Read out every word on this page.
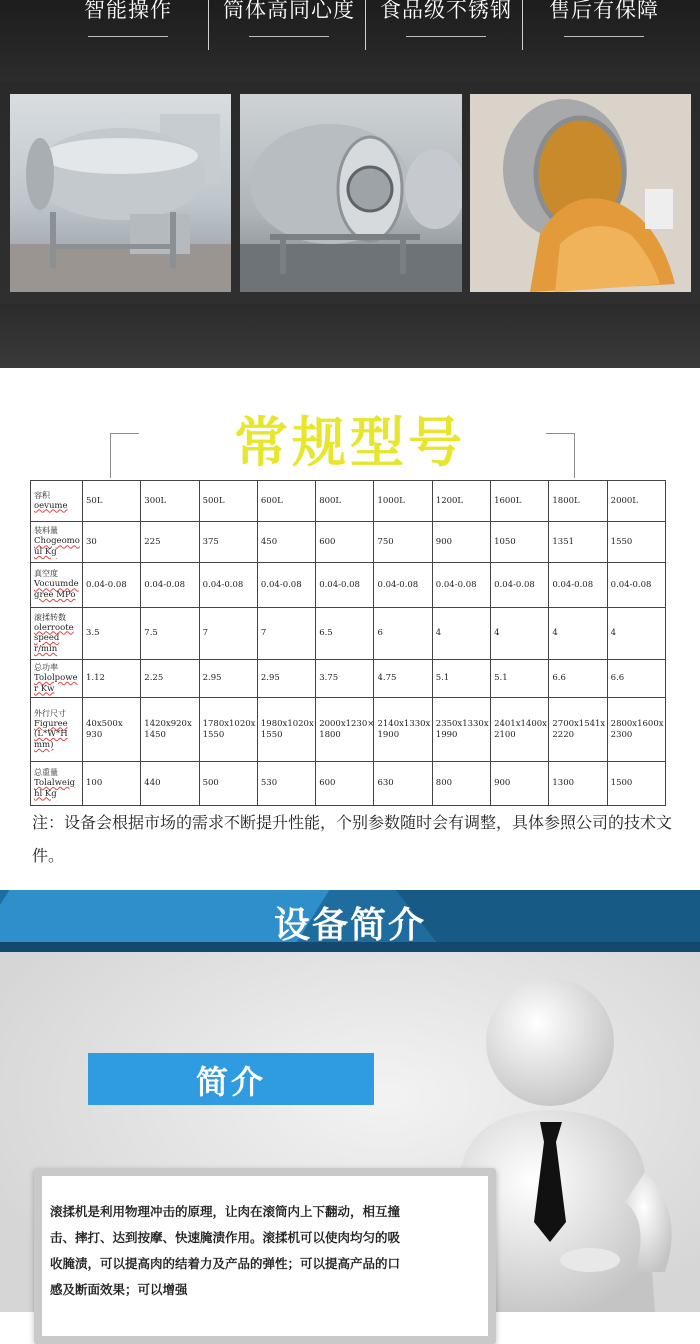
智能操作	筒体高同心度	食品级不锈钢	售后有保障
常规型号
容积
oevume	50L	300L	500L	600L	800L	1000L	1200L	1600L	1800L	2000L

装料量
Chogeomo ul Kg	30	225	375	450	600	750	900	1050	1351	1550

真空度
Vocuumde gree MPo	0.04-0.08	0.04-0.08	0.04-0.08	0.04-0.08	0.04-0.08	0.04-0.08	0.04-0.08	0.04-0.08	0.04-0.08	0.04-0.08

滚揉转数
olerroote speed r/min	3.5	7.5	7	7	6.5	6	4	4	4	4

总功率
Tololpowe r Kw	1.12	2.25	2.95	2.95	3.75	4.75	5.1	5.1	6.6	6.6

外行尺寸
Figuree (L*W*H mm)	40x500x 930	1420x920x 1450	1780x1020x 1550	1980x1020x 1550	2000x1230× 1800	2140x1330x 1900	2350x1330x 1990	2401x1400x 2100	2700x1541x 2220	2800x1600x 2300

总重量
Tolalweig hl Kg	100	440	500	530	600	630	800	900	1300	1500
注：设备会根据市场的需求不断提升性能，个别参数随时会有调整，具体参照公司的技术文件。
设备简介
简介
滚揉机是利用物理冲击的原理，让肉在滚筒内上下翻动，相互撞击、摔打、达到按摩、快速腌渍作用。滚揉机可以使肉均匀的吸收腌渍，可以提高肉的结着力及产品的弹性；可以提高产品的口感及断面效果；可以增强
